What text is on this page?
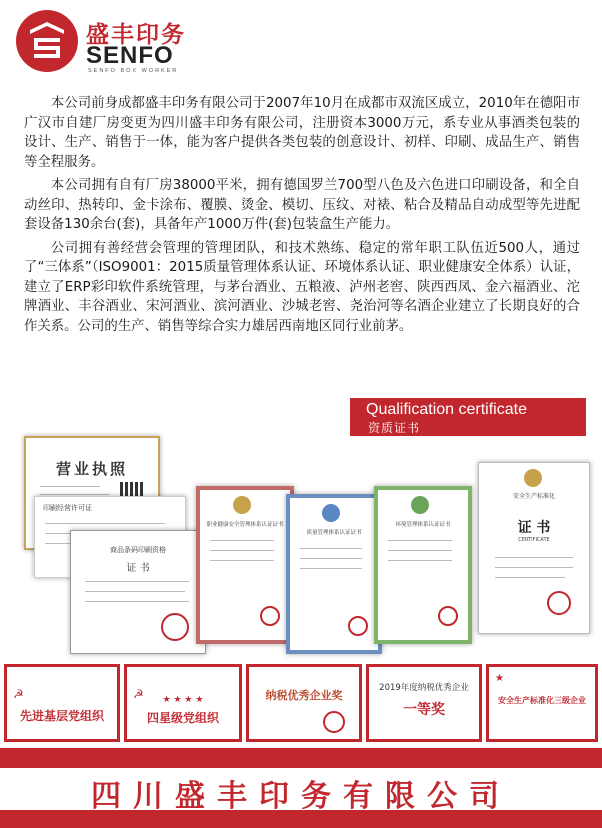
盛丰印务
SENFO
SENFO BOX WORKER

本公司前身成都盛丰印务有限公司于2007年10月在成都市双流区成立，2010年在德阳市广汉市自建厂房变更为四川盛丰印务有限公司，注册资本3000万元，系专业从事酒类包装的设计、生产、销售于一体，能为客户提供各类包装的创意设计、初样、印刷、成品生产、销售等全程服务。

本公司拥有自有厂房38000平米，拥有德国罗兰700型八色及六色进口印刷设备，和全自动丝印、热转印、金卡涂布、覆膜、烫金、模切、压纹、对裱、粘合及精品自动成型等先进配套设备130余台(套)，具备年产1000万件(套)包装盒生产能力。

公司拥有善经营会管理的管理团队，和技术熟练、稳定的常年职工队伍近500人，通过了“三体系”（ISO9001：2015质量管理体系认证、环境体系认证、职业健康安全体系）认证，建立了ERP彩印软件系统管理，与茅台酒业、五粮液、泸州老窖、陕西西凤、金六福酒业、沱牌酒业、丰谷酒业、宋河酒业、滨河酒业、沙城老窖、尧治河等名酒企业建立了长期良好的合作关系。公司的生产、销售等综合实力雄居西南地区同行业前茅。

Qualification certificate
资质证书
营业执照
印刷经营许可证
商品条码印刷资格
证 书
职业健康安全管理体系认证证书
质量管理体系认证证书
环境管理体系认证证书
安全生产标准化
证 书
CERTIFICATE
☭
先进基层党组织
☭	★ ★ ★ ★
四星级党组织
纳税优秀企业奖
2019年度纳税优秀企业
一等奖
★
安全生产标准化三级企业
四川盛丰印务有限公司
